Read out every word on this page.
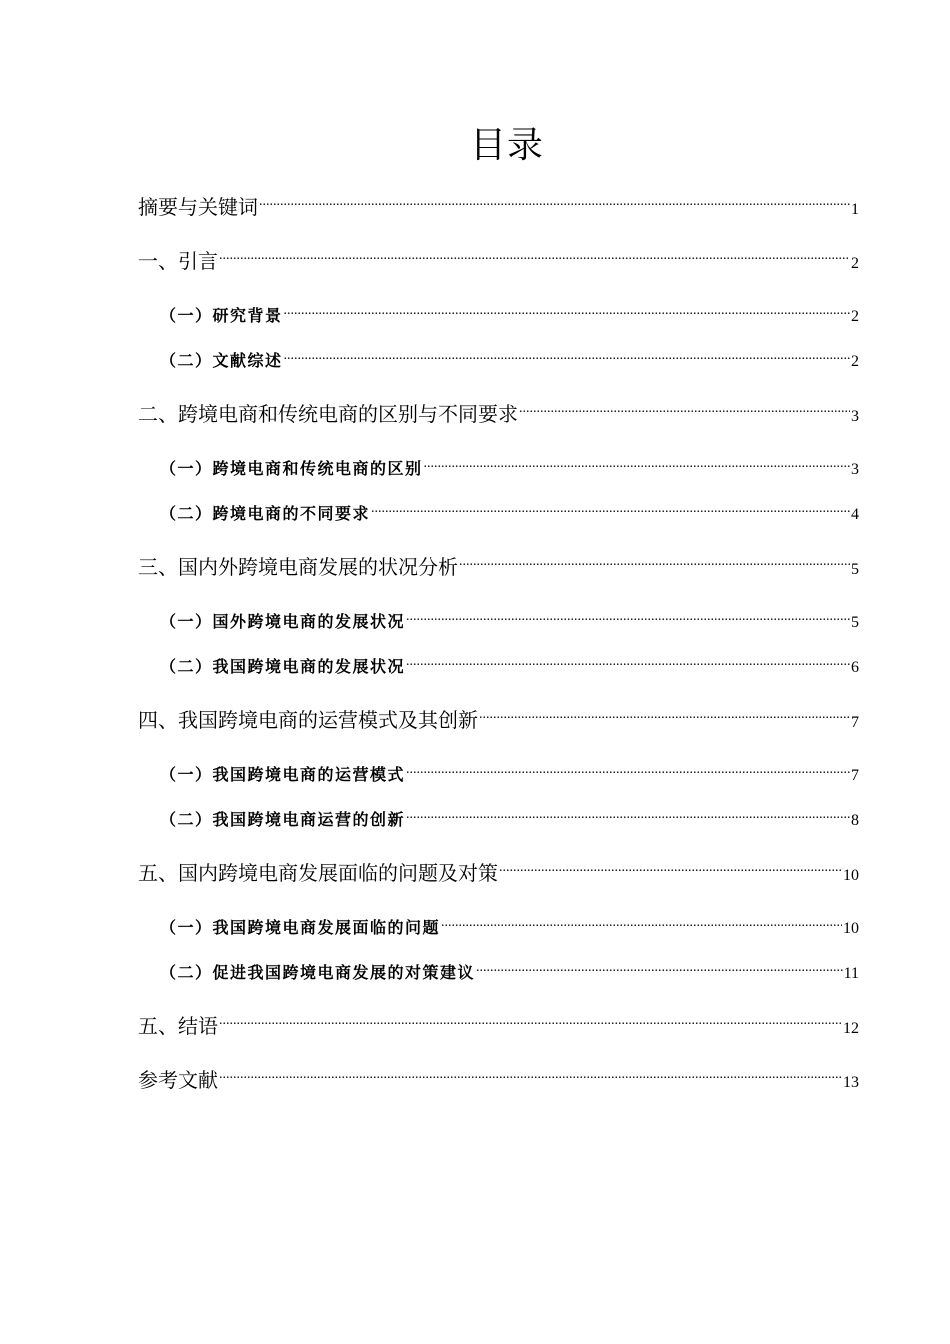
目录
摘要与关键词 .....	1
一、引言 .....	2
（一）研究背景 .....	2
（二）文献综述 .....	2
二、跨境电商和传统电商的区别与不同要求 .....	3
（一）跨境电商和传统电商的区别 .....	3
（二）跨境电商的不同要求 .....	4
三、国内外跨境电商发展的状况分析 .....	5
（一）国外跨境电商的发展状况 .....	5
（二）我国跨境电商的发展状况 .....	6
四、我国跨境电商的运营模式及其创新 .....	7
（一）我国跨境电商的运营模式 .....	7
（二）我国跨境电商运营的创新 .....	8
五、国内跨境电商发展面临的问题及对策 .....	10
（一）我国跨境电商发展面临的问题 .....	10
（二）促进我国跨境电商发展的对策建议 .....	11
五、结语 .....	12
参考文献 .....	13
